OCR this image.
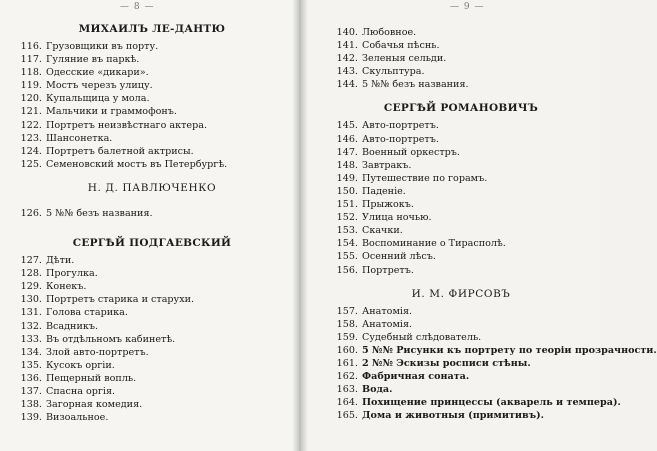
— 8 —
МИХАИЛЪ ЛЕ-ДАНТЮ
116. Грузовщики въ порту.
117. Гуляние въ паркѣ.
118. Одесские «дикари».
119. Мостъ черезъ улицу.
120. Купальщица у мола.
121. Мальчики и граммофонъ.
122. Портретъ неизвѣстнаго актера.
123. Шансонетка.
124. Портретъ балетной актрисы.
125. Семеновский мостъ въ Петербургѣ.
Н. Д. ПАВЛЮЧЕНКО
126. 5 №№ безъ названия.
СЕРГѢЙ ПОДГАЕВСКИЙ
127. Дѣти.
128. Прогулка.
129. Конекъ.
130. Портретъ старика и старухи.
131. Голова старика.
132. Всадникъ.
133. Въ отдѣльномъ кабинетѣ.
134. Злой авто-портретъ.
135. Кусокъ оргiи.
136. Пещерный вопль.
137. Спасна оргiя.
138. Загорная комедия.
139. Визоальное.
— 9 —
140. Любовное.
141. Собачья пѣснь.
142. Зеленыя сельди.
143. Скульптура.
144. 5 №№ безъ названия.
СЕРГѢЙ РОМАНОВИЧЪ
145. Авто-портретъ.
146. Авто-портретъ.
147. Военный оркестръ.
148. Завтракъ.
149. Путешествие по горамъ.
150. Паденiе.
151. Прыжокъ.
152. Улица ночью.
153. Скачки.
154. Воспоминание о Тирасполѣ.
155. Осенний лѣсъ.
156. Портретъ.
И. М. ФИРСОВЪ
157. Анатомiя.
158. Анатомiя.
159. Судебный слѣдователь.
160. 5 №№ Рисунки къ портрету по теорiи прозрачности.
161. 2 №№ Эскизы росписи стѣны.
162. Фабричная соната.
163. Вода.
164. Похищение принцессы (акварель и темпера).
165. Дома и животныя (примитивъ).
